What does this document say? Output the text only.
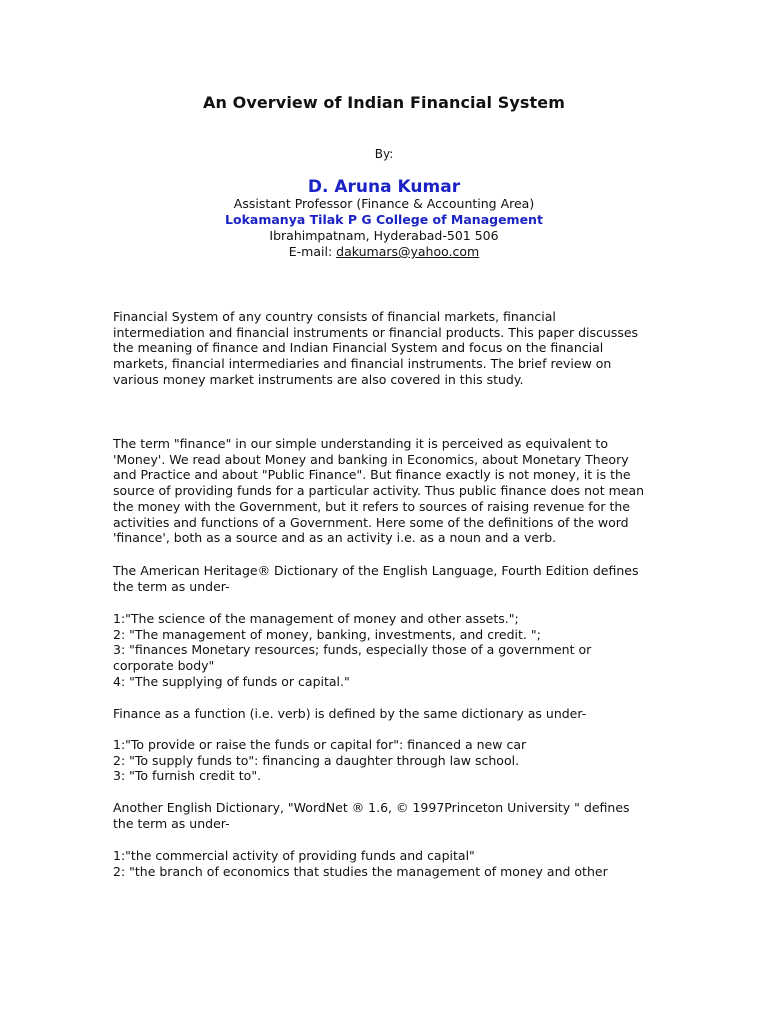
An Overview of Indian Financial System
By:
D. Aruna Kumar
Assistant Professor (Finance & Accounting Area)
Lokamanya Tilak P G College of Management
Ibrahimpatnam, Hyderabad-501 506
E-mail: dakumars@yahoo.com

Financial System of any country consists of financial markets, financial

intermediation and financial instruments or financial products. This paper discusses

the meaning of finance and Indian Financial System and focus on the financial

markets, financial intermediaries and financial instruments. The brief review on

various money market instruments are also covered in this study.

The term "finance" in our simple understanding it is perceived as equivalent to

'Money'. We read about Money and banking in Economics, about Monetary Theory

and Practice and about "Public Finance". But finance exactly is not money, it is the

source of providing funds for a particular activity. Thus public finance does not mean

the money with the Government, but it refers to sources of raising revenue for the

activities and functions of a Government. Here some of the definitions of the word

'finance', both as a source and as an activity i.e. as a noun and a verb.

The American Heritage® Dictionary of the English Language, Fourth Edition defines

the term as under-

1:"The science of the management of money and other assets.";

2: "The management of money, banking, investments, and credit. ";

3: "finances Monetary resources; funds, especially those of a government or

corporate body"

4: "The supplying of funds or capital."

Finance as a function (i.e. verb) is defined by the same dictionary as under-

1:"To provide or raise the funds or capital for": financed a new car

2: "To supply funds to": financing a daughter through law school.

3: "To furnish credit to".

Another English Dictionary, "WordNet ® 1.6, © 1997Princeton University " defines

the term as under-

1:"the commercial activity of providing funds and capital"

2: "the branch of economics that studies the management of money and other
